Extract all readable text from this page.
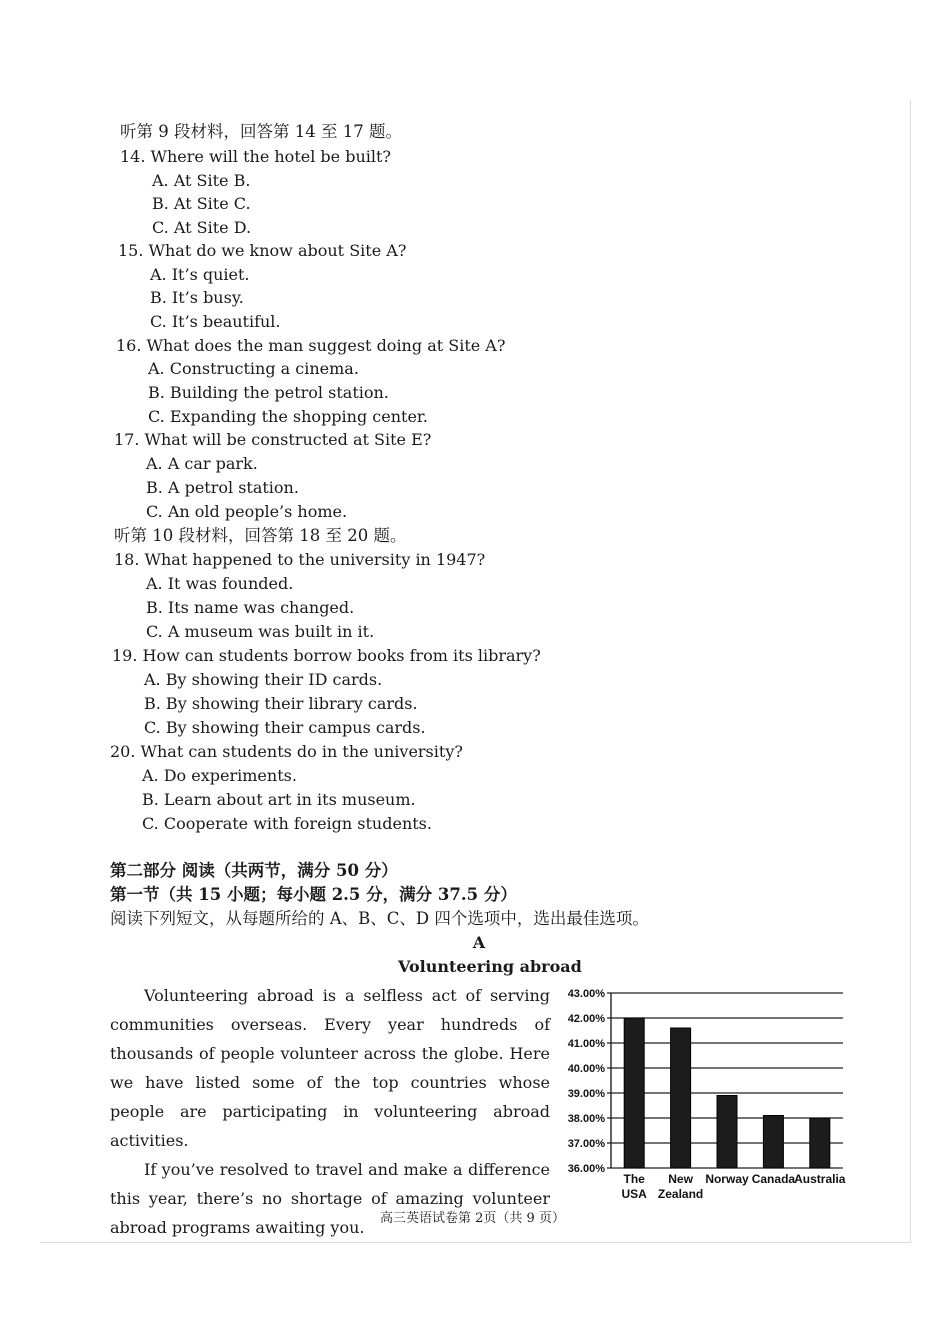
听第 9 段材料，回答第 14 至 17 题。
14. Where will the hotel be built?
A. At Site B.
B. At Site C.
C. At Site D.
15. What do we know about Site A?
A. It’s quiet.
B. It’s busy.
C. It’s beautiful.
16. What does the man suggest doing at Site A?
A. Constructing a cinema.
B. Building the petrol station.
C. Expanding the shopping center.
17. What will be constructed at Site E?
A. A car park.
B. A petrol station.
C. An old people’s home.
听第 10 段材料，回答第 18 至 20 题。
18. What happened to the university in 1947?
A. It was founded.
B. Its name was changed.
C. A museum was built in it.
19. How can students borrow books from its library?
A. By showing their ID cards.
B. By showing their library cards.
C. By showing their campus cards.
20. What can students do in the university?
A. Do experiments.
B. Learn about art in its museum.
C. Cooperate with foreign students.
第二部分 阅读（共两节，满分 50 分）
第一节（共 15 小题；每小题 2.5 分，满分 37.5 分）
阅读下列短文，从每题所给的 A、B、C、D 四个选项中，选出最佳选项。
A
Volunteering abroad

Volunteering abroad is a selfless act of serving communities overseas. Every year hundreds of thousands of people volunteer across the globe. Here we have listed some of the top countries whose people are participating in volunteering abroad activities.

If you’ve resolved to travel and make a difference this year, there’s no shortage of amazing volunteer abroad programs awaiting you.

36.00%
37.00%
38.00%
39.00%
40.00%
41.00%
42.00%
43.00%
The
USA
New
Zealand
Norway Canada Australia
高三英语试卷第 2页（共 9 页）
